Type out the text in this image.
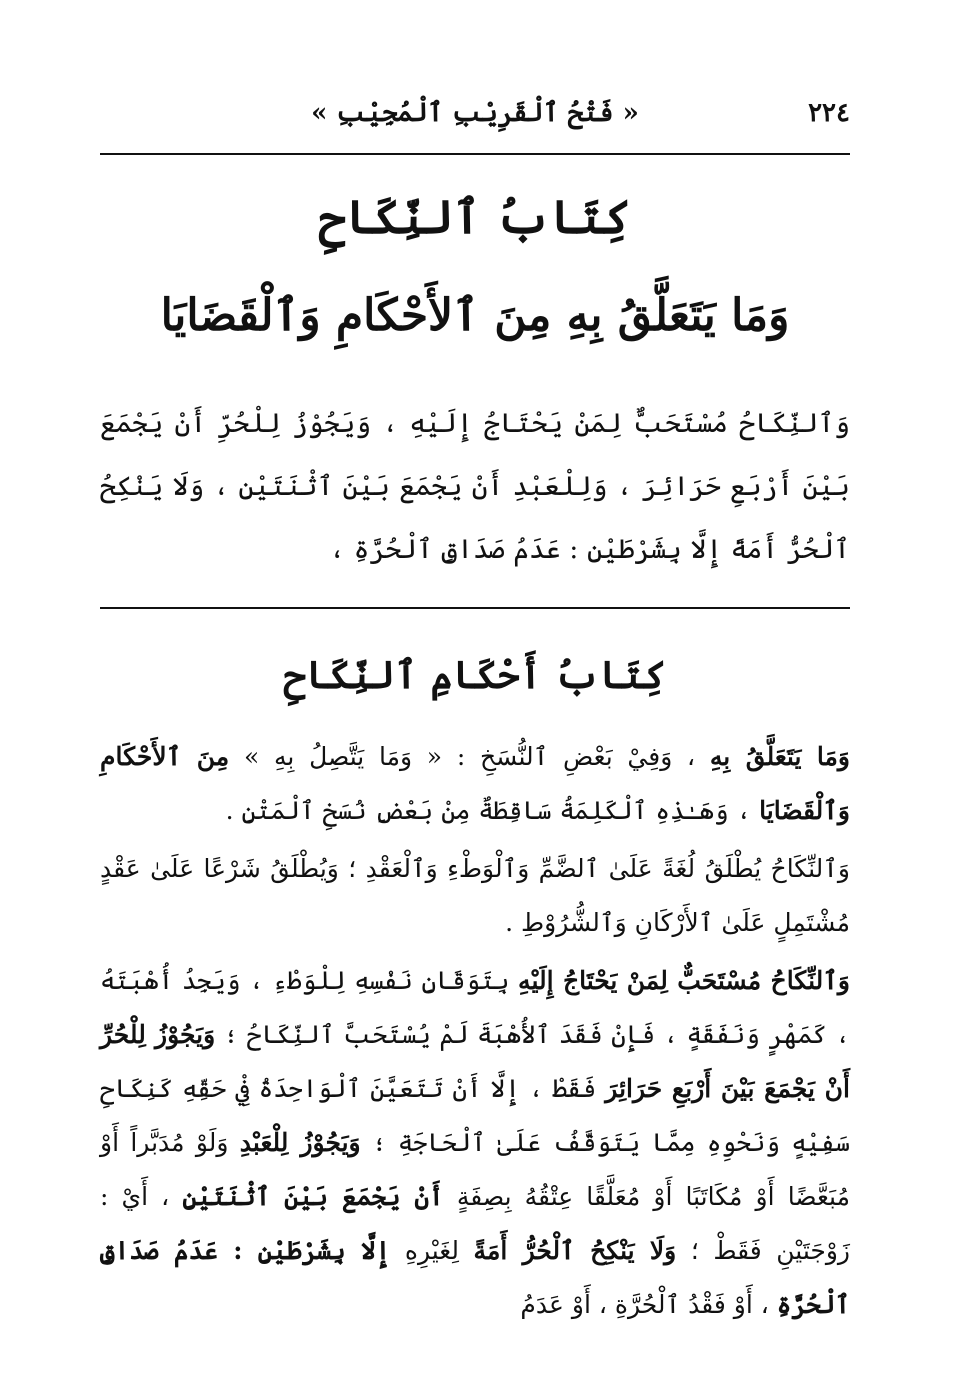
٢٢٤
« فَتْحُ ٱلْقَرِيْبِ ٱلْمُجِيْبِ »
كِتَابُ ٱلنِّكَاحِ
وَمَا يَتَعَلَّقُ بِهِ مِنَ ٱلأَحْكَامِ وَٱلْقَضَايَا

وَٱلنِّكَاحُ مُسْتَحَبٌّ لِمَنْ يَحْتَاجُ إِلَيْهِ ، وَيَجُوْزُ لِلْحُرِّ أَنْ يَجْمَعَ بَيْنَ أَرْبَعِ حَرَائِرَ ، وَلِلْعَبْدِ أَنْ يَجْمَعَ بَيْنَ ٱثْنَتَيْنِ ، وَلَا يَنْكِحُ ٱلْحُرُّ أَمَةً إِلَّا بِشَرْطَيْنِ : عَدَمُ صَدَاقِ ٱلْحُرَّةِ ،

كِتَابُ أَحْكَامِ ٱلنِّكَاحِ

وَمَا يَتَعَلَّقُ بِهِ ، وَفِيْ بَعْضِ ٱلنُّسَخِ : « وَمَا يَتَّصِلُ بِهِ » مِنَ ٱلأَحْكَامِ وَٱلْقَضَايَا ، وَهَـٰذِهِ ٱلْكَلِمَةُ سَاقِطَةٌ مِنْ بَعْضِ نُسَخِ ٱلْمَتْنِ .

وَٱلنِّكَاحُ يُطْلَقُ لُغَةً عَلَىٰ ٱلضَّمِّ وَٱلْوَطْءِ وَٱلْعَقْدِ ؛ وَيُطْلَقُ شَرْعًا عَلَىٰ عَقْدٍ مُشْتَمِلٍ عَلَىٰ ٱلأَرْكَانِ وَٱلشُّرُوْطِ .

وَٱلنِّكَاحُ مُسْتَحَبٌّ لِمَنْ يَحْتَاجُ إِلَيْهِ بِتَوَقَانِ نَفْسِهِ لِلْوَطْءِ ، وَيَجِدُ أُهْبَتَهُ ، كَمَهْرٍ وَنَفَقَةٍ ، فَإِنْ فَقَدَ ٱلأُهْبَةَ لَمْ يُسْتَحَبَّ ٱلنِّكَاحُ ؛ وَيَجُوْزُ لِلْحُرِّ أَنْ يَجْمَعَ بَيْنَ أَرْبَعِ حَرَائِرَ فَقَطْ ، إِلَّا أَنْ تَتَعَيَّنَ ٱلْوَاحِدَةُ فِيْ حَقِّهِ كَنِكَاحِ سَفِيْهٍ وَنَحْوِهِ مِمَّا يَتَوَقَّفُ عَلَىٰ ٱلْحَاجَةِ ؛ وَيَجُوْزُ لِلْعَبْدِ وَلَوْ مُدَبَّراً أَوْ مُبَعَّضًا أَوْ مُكَاتَبًا أَوْ مُعَلَّقًا عِتْقُهُ بِصِفَةٍ أَنْ يَجْمَعَ بَيْنَ ٱثْنَتَيْنِ ، أَيْ : زَوْجَتَيْنِ فَقَطْ ؛ وَلَا يَنْكِحُ ٱلْحُرُّ أَمَةً لِغَيْرِهِ إِلَّا بِشَرْطَيْنِ : عَدَمُ صَدَاقِ ٱلْحُرَّةِ ، أَوْ فَقْدُ ٱلْحُرَّةِ ، أَوْ عَدَمُ
